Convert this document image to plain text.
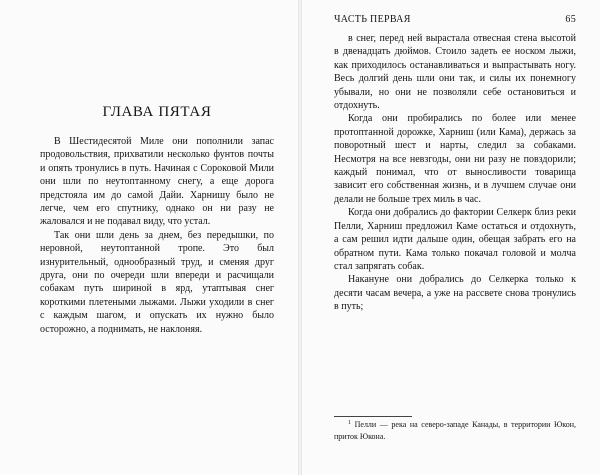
ГЛАВА ПЯТАЯ

В Шестидесятой Миле они пополнили запас продовольствия, прихватили несколько фунтов почты и опять тронулись в путь. Начиная с Сороковой Мили они шли по неутоптанному снегу, а еще дорога предстояла им до самой Дайи. Харнишу было не легче, чем его спутнику, однако он ни разу не жаловался и не подавал виду, что устал.

Так они шли день за днем, без передышки, по неровной, неутоптанной тропе. Это был изнурительный, однообразный труд, и сменяя друг друга, они по очереди шли впереди и расчищали собакам путь шириной в ярд, утаптывая снег короткими плетеными лыжами. Лыжи уходили в снег с каждым шагом, и опускать их нужно было осторожно, а поднимать, не наклоняя.

ЧАСТЬ ПЕРВАЯ	65

в снег, перед ней вырастала отвесная стена высотой в двенадцать дюймов. Стоило задеть ее носком лыжи, как приходилось останавливаться и выпрастывать ногу. Весь долгий день шли они так, и силы их понемногу убывали, но они не позволяли себе остановиться и отдохнуть.

Когда они пробирались по более или менее протоптанной дорожке, Харниш (или Кама), держась за поворотный шест и нарты, следил за собаками. Несмотря на все невзгоды, они ни разу не повздорили; каждый понимал, что от выносливости товарища зависит его собственная жизнь, и в лучшем случае они делали не больше трех миль в час.

Когда они добрались до фактории Селкерк близ реки Пелли, Харниш предложил Каме остаться и отдохнуть, а сам решил идти дальше один, обещая забрать его на обратном пути. Кама только покачал головой и молча стал запрягать собак.

Накануне они добрались до Селкерка только к десяти часам вечера, а уже на рассвете снова тронулись в путь;

$^1$ Пелли — река на северо-западе Канады, в территории Юкон, приток Юкона.
